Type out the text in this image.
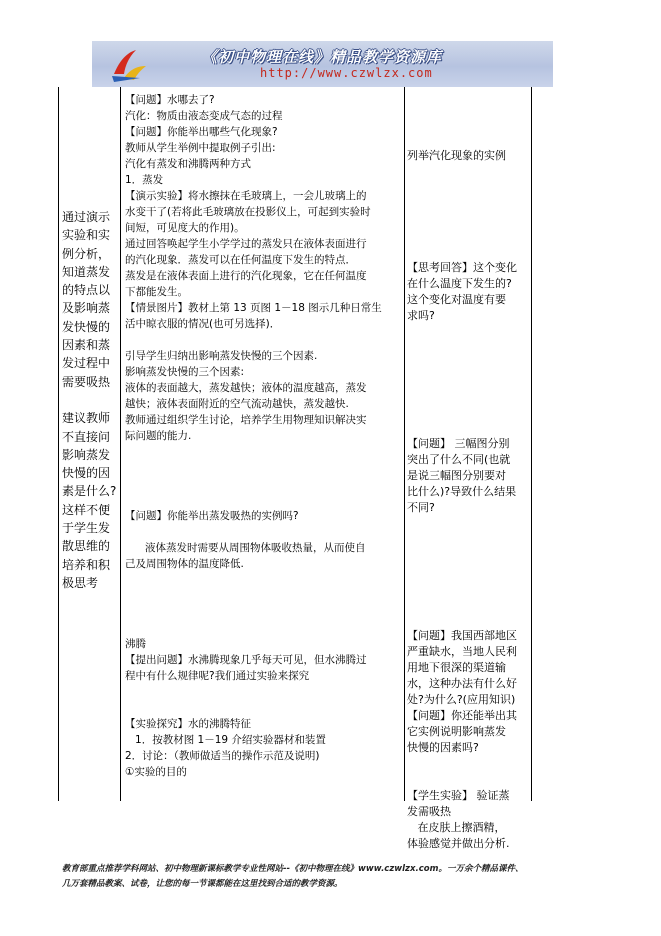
《初中物理在线》精品教学资源库
http://www.czwlzx.com

通过演示

实验和实

例分析，

知道蒸发

的特点以

及影响蒸

发快慢的

因素和蒸

发过程中

需要吸热

建议教师

不直接问

影响蒸发

快慢的因

素是什么?

这样不便

于学生发

散思维的

培养和积

极思考

【问题】水哪去了?

汽化：物质由液态变成气态的过程

【问题】你能举出哪些气化现象?

教师从学生举例中提取例子引出:

汽化有蒸发和沸腾两种方式

1．蒸发

【演示实验】将水擦抹在毛玻璃上，一会儿玻璃上的

水变干了(若将此毛玻璃放在投影仪上，可起到实验时

间短，可见度大的作用)。

通过回答唤起学生小学学过的蒸发只在液体表面进行

的汽化现象．蒸发可以在任何温度下发生的特点．

蒸发是在液体表面上进行的汽化现象，它在任何温度

下都能发生。

【情景图片】教材上第 13 页图 1－18 图示几种日常生

活中晾衣服的情况(也可另选择)．

引导学生归纳出影响蒸发快慢的三个因素.

影响蒸发快慢的三个因素:

液体的表面越大，蒸发越快；液体的温度越高，蒸发

越快；液体表面附近的空气流动越快，蒸发越快.

教师通过组织学生讨论，培养学生用物理知识解决实

际问题的能力.

【问题】你能举出蒸发吸热的实例吗?

液体蒸发时需要从周围物体吸收热量，从而使自

己及周围物体的温度降低.

沸腾

【提出问题】水沸腾现象几乎每天可见，但水沸腾过

程中有什么规律呢?我们通过实验来探究

【实验探究】水的沸腾特征

1．按教材图 1－19 介绍实验器材和装置

2．讨论：（教师做适当的操作示范及说明)

①实验的目的

列举汽化现象的实例

【思考回答】这个变化

在什么温度下发生的?

这个变化对温度有要

求吗?

【问题】 三幅图分别

突出了什么不同(也就

是说三幅图分别要对

比什么)?导致什么结果

不同?

【问题】我国西部地区

严重缺水，当地人民利

用地下很深的渠道输

水，这种办法有什么好

处?为什么?(应用知识)

【问题】你还能举出其

它实例说明影响蒸发

快慢的因素吗?

【学生实验】 验证蒸

发需吸热

在皮肤上擦酒精，

体验感觉并做出分析.

教育部重点推荐学科网站、初中物理新课标教学专业性网站--《初中物理在线》www.czwlzx.com。一万余个精品课件、

几万套精品教案、试卷，让您的每一节课都能在这里找到合适的教学资源。
